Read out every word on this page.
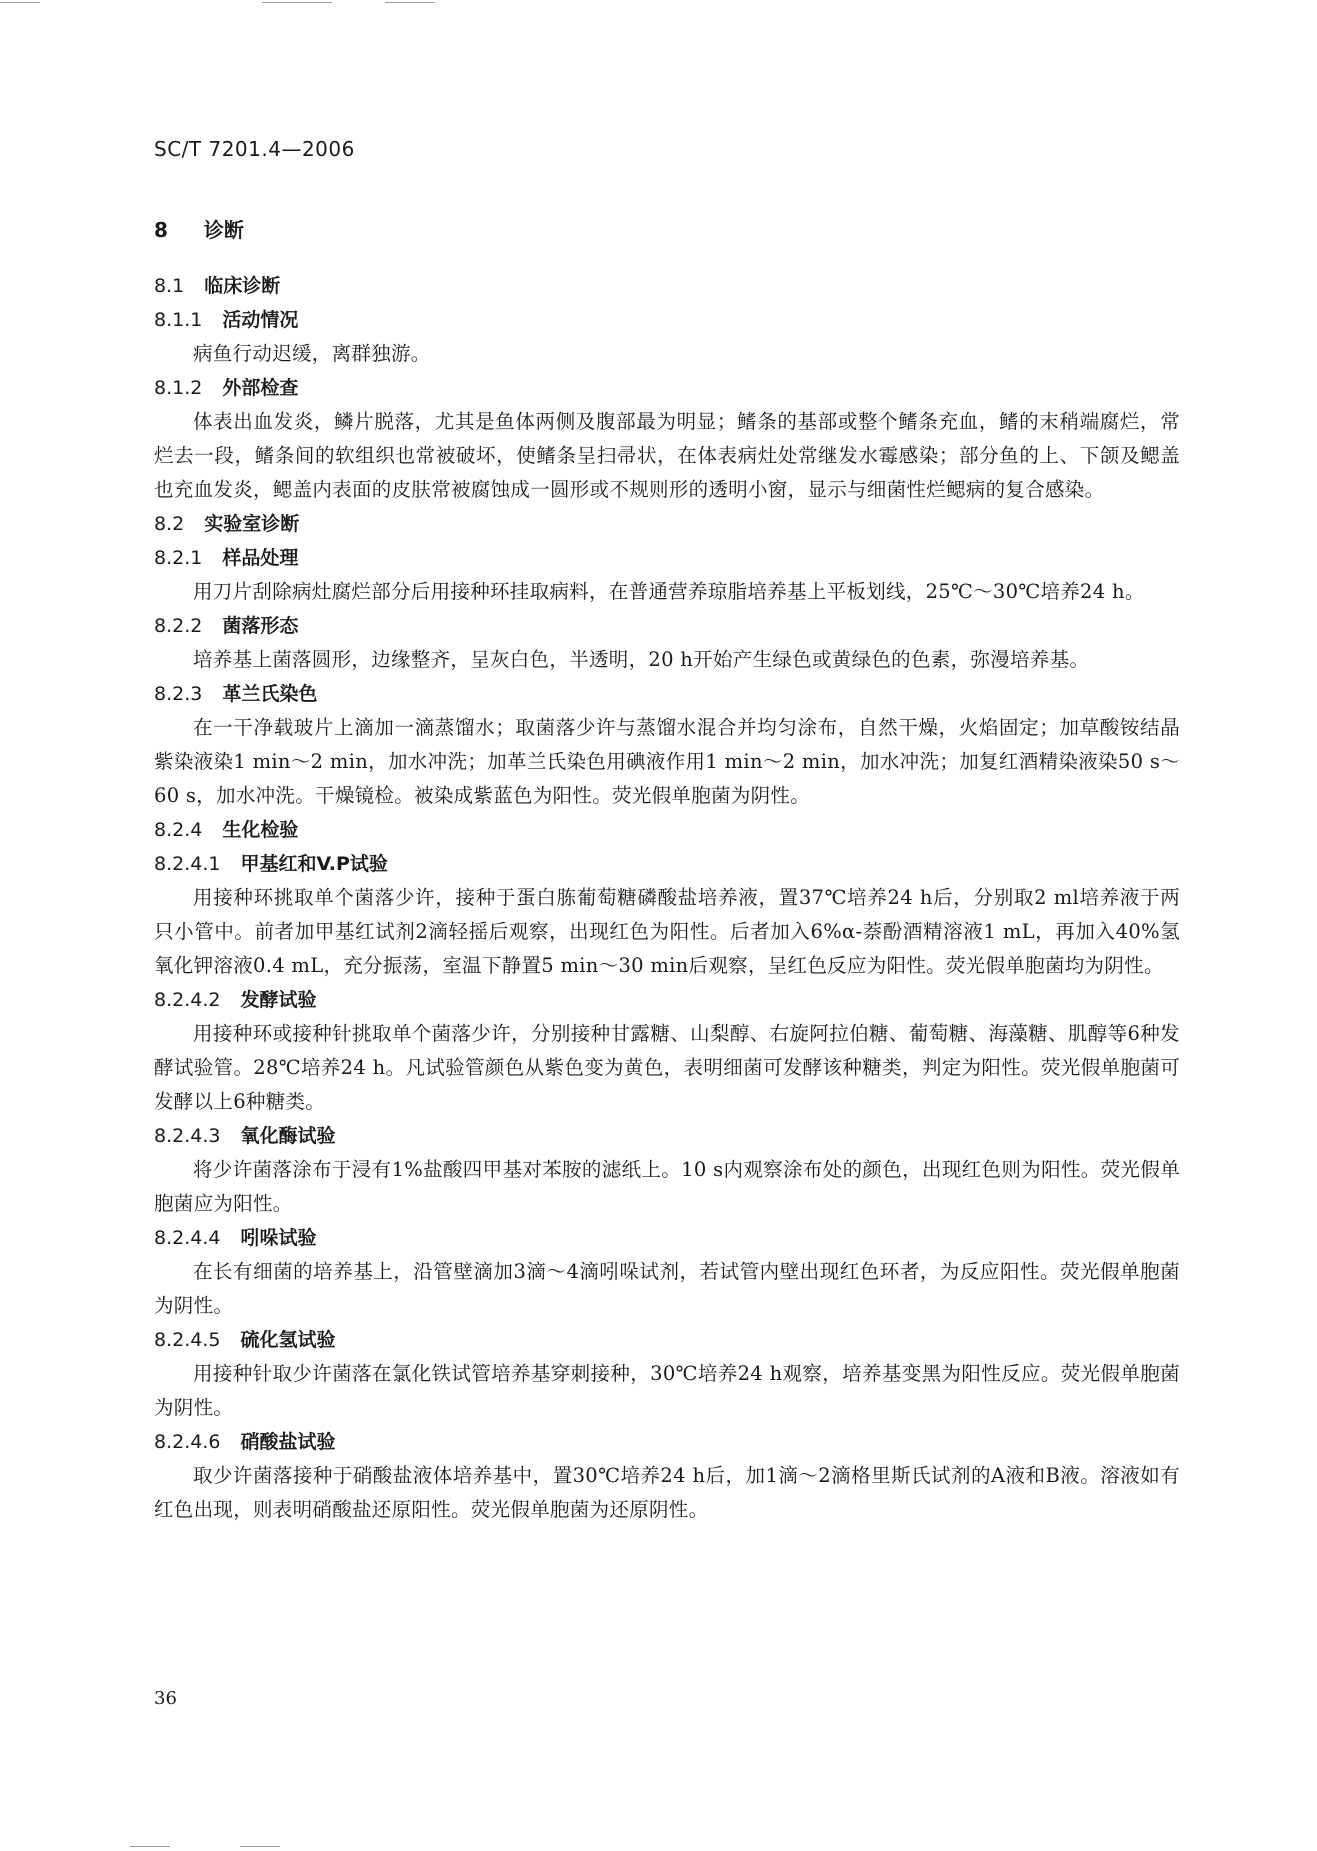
SC/T 7201.4—2006
8 诊断
8.1 临床诊断
8.1.1 活动情况

病鱼行动迟缓，离群独游。

8.1.2 外部检查

体表出血发炎，鳞片脱落，尤其是鱼体两侧及腹部最为明显；鳍条的基部或整个鳍条充血，鳍的末稍端腐烂，常烂去一段，鳍条间的软组织也常被破坏，使鳍条呈扫帚状，在体表病灶处常继发水霉感染；部分鱼的上、下颌及鳃盖也充血发炎，鳃盖内表面的皮肤常被腐蚀成一圆形或不规则形的透明小窗，显示与细菌性烂鳃病的复合感染。

8.2 实验室诊断
8.2.1 样品处理

用刀片刮除病灶腐烂部分后用接种环挂取病料，在普通营养琼脂培养基上平板划线，25℃～30℃培养24 h。

8.2.2 菌落形态

培养基上菌落圆形，边缘整齐，呈灰白色，半透明，20 h开始产生绿色或黄绿色的色素，弥漫培养基。

8.2.3 革兰氏染色

在一干净载玻片上滴加一滴蒸馏水；取菌落少许与蒸馏水混合并均匀涂布，自然干燥，火焰固定；加草酸铵结晶紫染液染1 min～2 min，加水冲洗；加革兰氏染色用碘液作用1 min～2 min，加水冲洗；加复红酒精染液染50 s～60 s，加水冲洗。干燥镜检。被染成紫蓝色为阳性。荧光假单胞菌为阴性。

8.2.4 生化检验
8.2.4.1 甲基红和V.P试验

用接种环挑取单个菌落少许，接种于蛋白胨葡萄糖磷酸盐培养液，置37℃培养24 h后，分别取2 ml培养液于两只小管中。前者加甲基红试剂2滴轻摇后观察，出现红色为阳性。后者加入6%α-萘酚酒精溶液1 mL，再加入40%氢氧化钾溶液0.4 mL，充分振荡，室温下静置5 min～30 min后观察，呈红色反应为阳性。荧光假单胞菌均为阴性。

8.2.4.2 发酵试验

用接种环或接种针挑取单个菌落少许，分别接种甘露糖、山梨醇、右旋阿拉伯糖、葡萄糖、海藻糖、肌醇等6种发酵试验管。28℃培养24 h。凡试验管颜色从紫色变为黄色，表明细菌可发酵该种糖类，判定为阳性。荧光假单胞菌可发酵以上6种糖类。

8.2.4.3 氧化酶试验

将少许菌落涂布于浸有1%盐酸四甲基对苯胺的滤纸上。10 s内观察涂布处的颜色，出现红色则为阳性。荧光假单胞菌应为阳性。

8.2.4.4 吲哚试验

在长有细菌的培养基上，沿管壁滴加3滴～4滴吲哚试剂，若试管内壁出现红色环者，为反应阳性。荧光假单胞菌为阴性。

8.2.4.5 硫化氢试验

用接种针取少许菌落在氯化铁试管培养基穿刺接种，30℃培养24 h观察，培养基变黑为阳性反应。荧光假单胞菌为阴性。

8.2.4.6 硝酸盐试验

取少许菌落接种于硝酸盐液体培养基中，置30℃培养24 h后，加1滴～2滴格里斯氏试剂的A液和B液。溶液如有红色出现，则表明硝酸盐还原阳性。荧光假单胞菌为还原阴性。

36
